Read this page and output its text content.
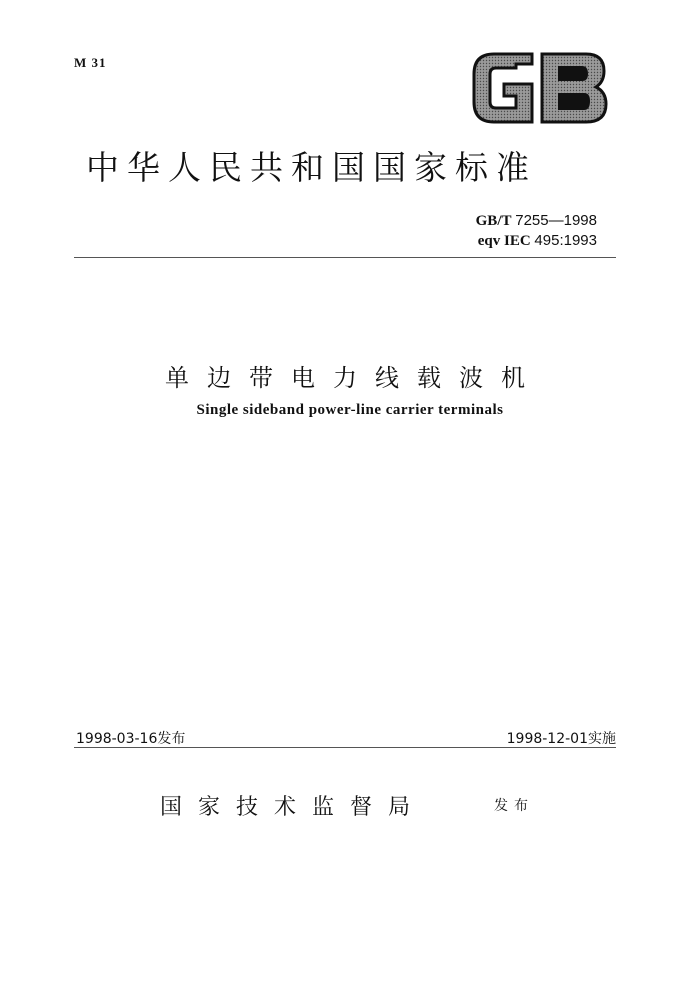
M 31
中华人民共和国国家标准
GB/T 7255—1998
eqv IEC 495:1993
单边带电力线载波机
Single sideband power-line carrier terminals
1998-03-16发布	1998-12-01实施
国家技术监督局	发布
